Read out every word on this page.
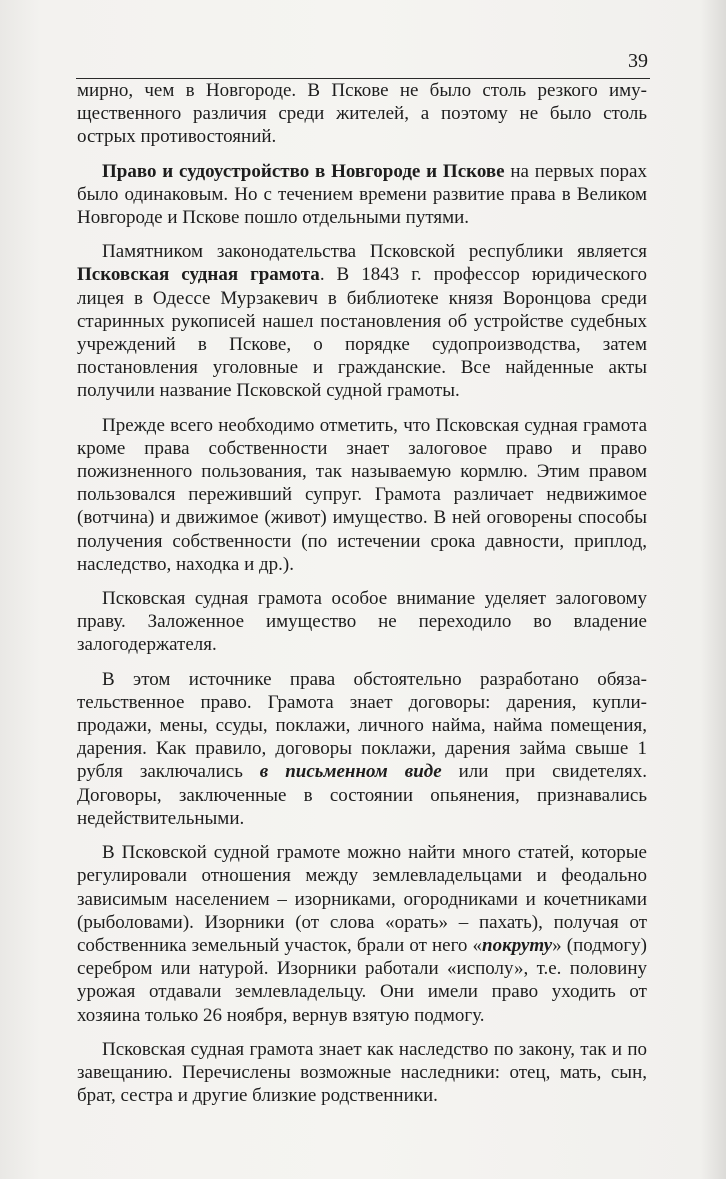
39

мирно, чем в Новгороде. В Пскове не было столь резкого имущественного различия среди жителей, а поэтому не было столь острых противостояний.

Право и судоустройство в Новгороде и Пскове на первых порах было одинаковым. Но с течением времени развитие права в Великом Новгороде и Пскове пошло отдельными путями.

Памятником законодательства Псковской республики является Псковская судная грамота. В 1843 г. профессор юридического лицея в Одессе Мурзакевич в библиотеке князя Воронцова среди старинных рукописей нашел постановления об устройстве судебных учреждений в Пскове, о порядке судопроизводства, затем постановления уголовные и гражданские. Все найденные акты получили название Псковской судной грамоты.

Прежде всего необходимо отметить, что Псковская судная грамота кроме права собственности знает залоговое право и право пожизненного пользования, так называемую кормлю. Этим правом пользовался переживший супруг. Грамота различает недвижимое (вотчина) и движимое (живот) имущество. В ней оговорены способы получения собственности (по истечении срока давности, приплод, наследство, находка и др.).

Псковская судная грамота особое внимание уделяет залоговому праву. Заложенное имущество не переходило во владение залогодержателя.

В этом источнике права обстоятельно разработано обязательственное право. Грамота знает договоры: дарения, купли-продажи, мены, ссуды, поклажи, личного найма, найма помещения, дарения. Как правило, договоры поклажи, дарения займа свыше 1 рубля заключались в письменном виде или при свидетелях. Договоры, заключенные в состоянии опьянения, признавались недействительными.

В Псковской судной грамоте можно найти много статей, которые регулировали отношения между землевладельцами и феодально зависимым населением – изорниками, огородниками и кочетниками (рыболовами). Изорники (от слова «орать» – пахать), получая от собственника земельный участок, брали от него «покруту» (подмогу) серебром или натурой. Изорники работали «исполу», т.е. половину урожая отдавали землевладельцу. Они имели право уходить от хозяина только 26 ноября, вернув взятую подмогу.

Псковская судная грамота знает как наследство по закону, так и по завещанию. Перечислены возможные наследники: отец, мать, сын, брат, сестра и другие близкие родственники.
